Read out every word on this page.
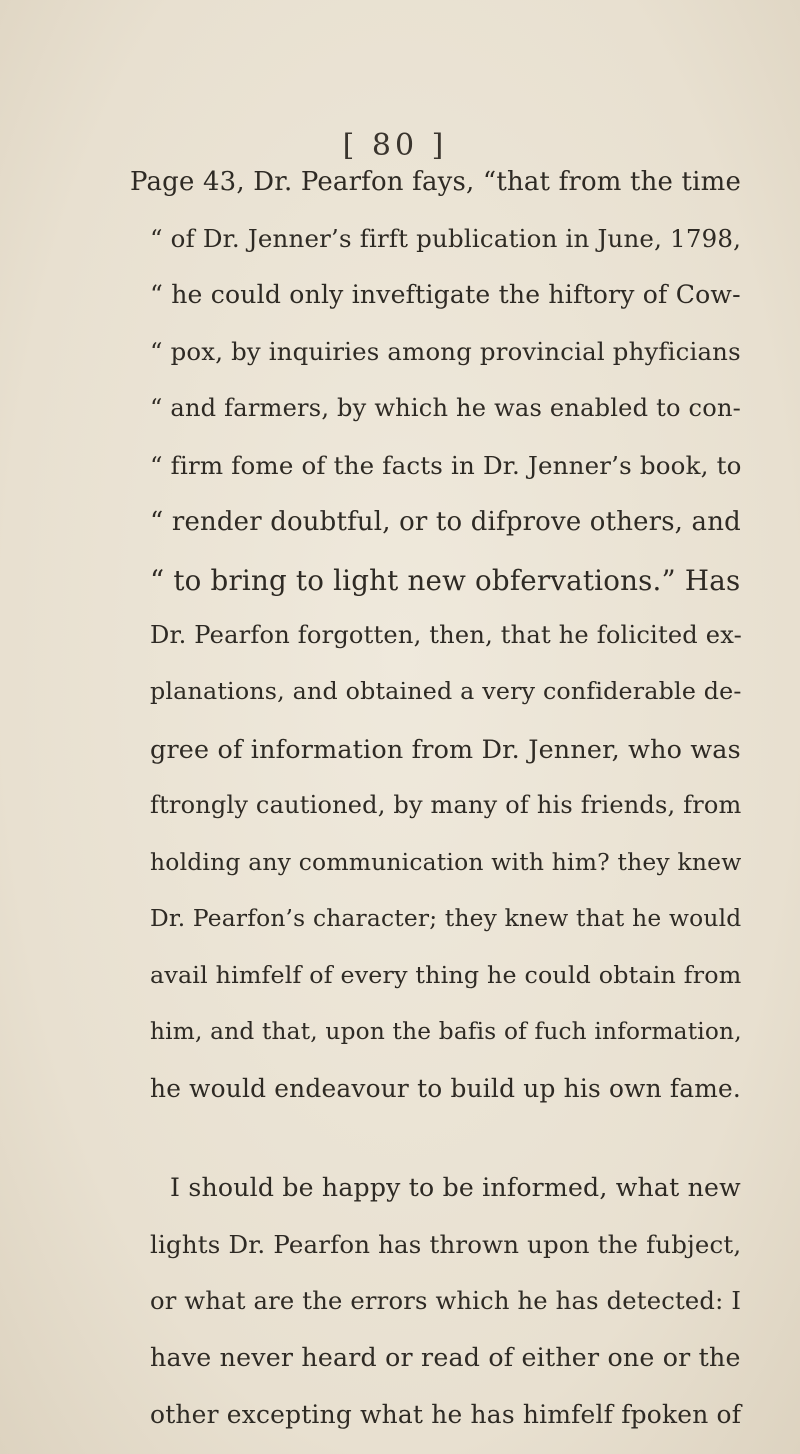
[ 80 ]
Page 43, Dr. Pearfon fays, “that from the time
“ of Dr. Jenner’s firft publication in June, 1798,
“ he could only inveftigate the hiftory of Cow-
“ pox, by inquiries among provincial phyficians
“ and farmers, by which he was enabled to con-
“ firm fome of the facts in Dr. Jenner’s book, to
“ render doubtful, or to difprove others, and
“ to bring to light new obfervations.” Has
Dr. Pearfon forgotten, then, that he folicited ex-
planations, and obtained a very confiderable de-
gree of information from Dr. Jenner, who was
ftrongly cautioned, by many of his friends, from
holding any communication with him? they knew
Dr. Pearfon’s character; they knew that he would
avail himfelf of every thing he could obtain from
him, and that, upon the bafis of fuch information,
he would endeavour to build up his own fame.
I should be happy to be informed, what new
lights Dr. Pearfon has thrown upon the fubject,
or what are the errors which he has detected: I
have never heard or read of either one or the
other excepting what he has himfelf fpoken of
